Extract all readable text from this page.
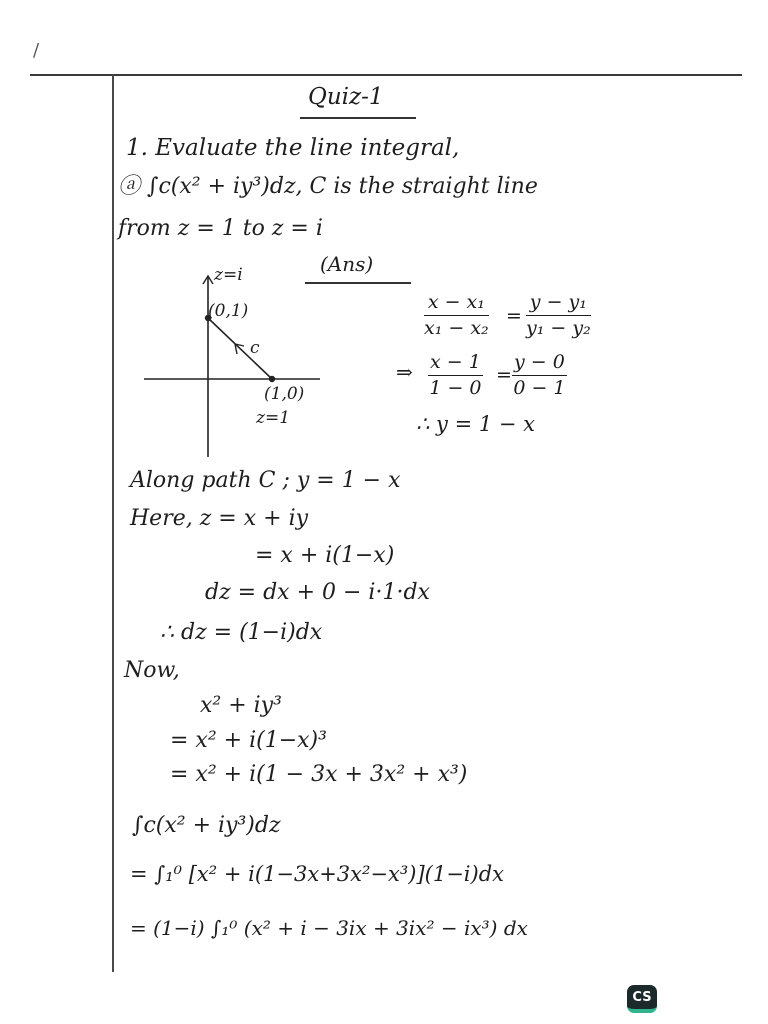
/
Quiz-1
1. Evaluate the line integral,
ⓐ ∫c(x² + iy³)dz, C is the straight line
from z = 1 to z = i
(Ans)
z=i
(0,1)
c
(1,0)
z=1
$\frac{\text{x − x₁}}{\text{x₁ − x₂}} = \frac{\text{y − y₁}}{\text{y₁ − y₂}}$
⇒ $\frac{x - 1}{1 - 0} = \frac{y - 0}{0 - 1}$
∴ y = 1 − x
Along path C ; y = 1 − x
Here, z = x + iy
= x + i(1−x)
dz = dx + 0 − i·1·dx
∴ dz = (1−i)dx
Now,
x² + iy³
= x² + i(1−x)³
= x² + i(1 − 3x + 3x² + x³)
∫c(x² + iy³)dz
= ∫₁⁰ [x² + i(1−3x+3x²−x³)](1−i)dx
= (1−i) ∫₁⁰ (x² + i − 3ix + 3ix² − ix³) dx
CS
